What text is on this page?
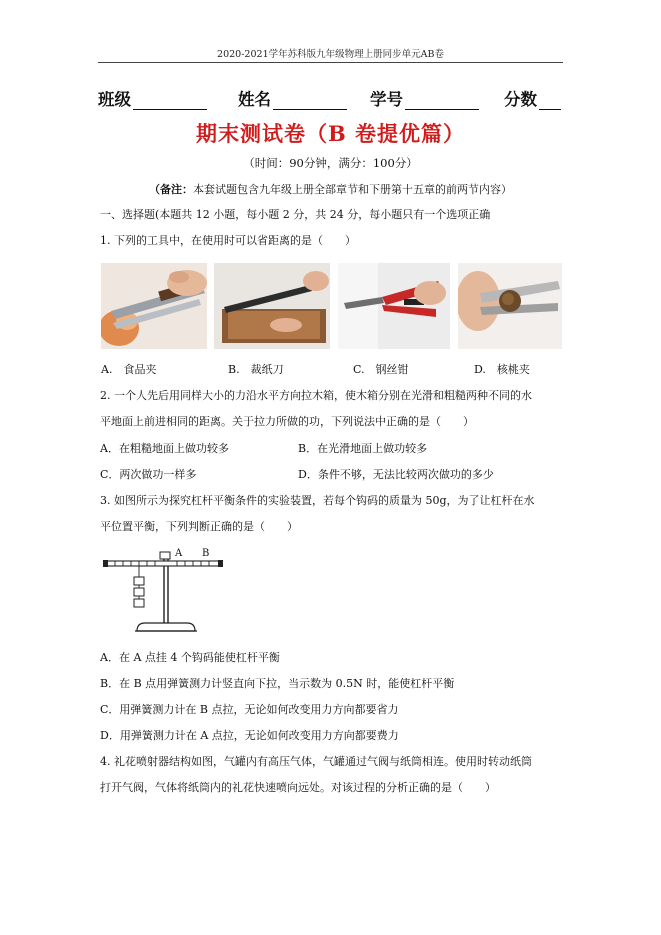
2020-2021学年苏科版九年级物理上册同步单元AB卷
班级	姓名	学号	分数
期末测试卷（B 卷提优篇）
（时间：90分钟，满分：100分）
（备注：本套试题包含九年级上册全部章节和下册第十五章的前两节内容）
一、选择题(本题共 12 小题，每小题 2 分，共 24 分，每小题只有一个选项正确
1. 下列的工具中，在使用时可以省距离的是（　　）
A.　食品夹	B.　裁纸刀	C.　钢丝钳	D.　核桃夹
2. 一个人先后用同样大小的力沿水平方向拉木箱，使木箱分别在光滑和粗糙两种不同的水
平地面上前进相同的距离。关于拉力所做的功，下列说法中正确的是（　　）
A．在粗糙地面上做功较多	B．在光滑地面上做功较多
C．两次做功一样多	D．条件不够，无法比较两次做功的多少
3. 如图所示为探究杠杆平衡条件的实验装置，若每个钩码的质量为 50g，为了让杠杆在水
平位置平衡，下列判断正确的是（　　）
A B
A．在 A 点挂 4 个钩码能使杠杆平衡
B．在 B 点用弹簧测力计竖直向下拉，当示数为 0.5N 时，能使杠杆平衡
C．用弹簧测力计在 B 点拉，无论如何改变用力方向都要省力
D．用弹簧测力计在 A 点拉，无论如何改变用力方向都要费力
4. 礼花喷射器结构如图，气罐内有高压气体，气罐通过气阀与纸筒相连。使用时转动纸筒
打开气阀，气体将纸筒内的礼花快速喷向远处。对该过程的分析正确的是（　　）
